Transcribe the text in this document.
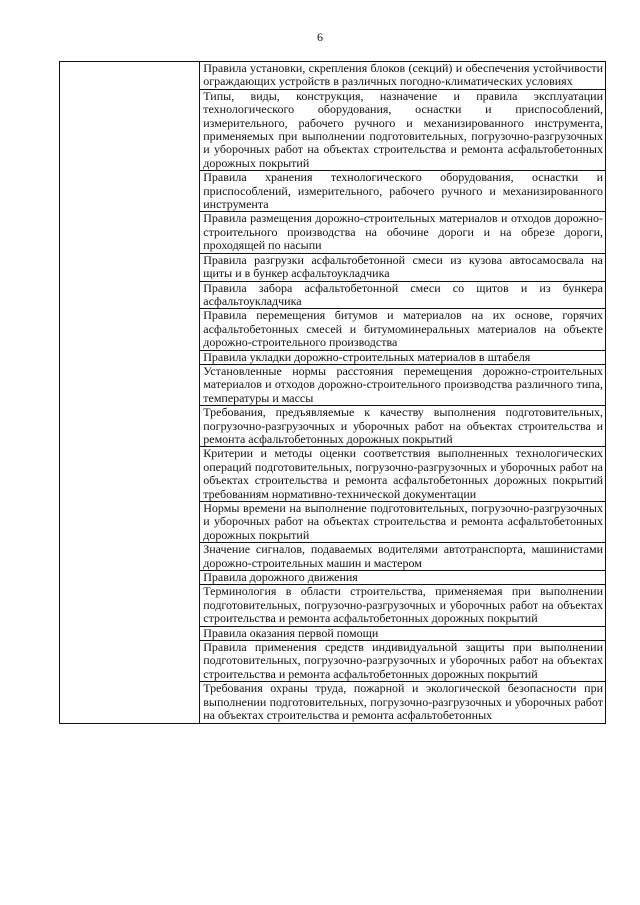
6

Правила установки, скрепления блоков (секций) и обеспечения устойчивости ограждающих устройств в различных погодно-климатических условиях

Типы, виды, конструкция, назначение и правила эксплуатации технологического оборудования, оснастки и приспособлений, измерительного, рабочего ручного и механизированного инструмента, применяемых при выполнении подготовительных, погрузочно-разгрузочных и уборочных работ на объектах строительства и ремонта асфальтобетонных дорожных покрытий

Правила хранения технологического оборудования, оснастки и приспособлений, измерительного, рабочего ручного и механизированного инструмента

Правила размещения дорожно-строительных материалов и отходов дорожно-строительного производства на обочине дороги и на обрезе дороги, проходящей по насыпи

Правила разгрузки асфальтобетонной смеси из кузова автосамосвала на щиты и в бункер асфальтоукладчика

Правила забора асфальтобетонной смеси со щитов и из бункера асфальтоукладчика

Правила перемещения битумов и материалов на их основе, горячих асфальтобетонных смесей и битумоминеральных материалов на объекте дорожно-строительного производства

Правила укладки дорожно-строительных материалов в штабеля

Установленные нормы расстояния перемещения дорожно-строительных материалов и отходов дорожно-строительного производства различного типа, температуры и массы

Требования, предъявляемые к качеству выполнения подготовительных, погрузочно-разгрузочных и уборочных работ на объектах строительства и ремонта асфальтобетонных дорожных покрытий

Критерии и методы оценки соответствия выполненных технологических операций подготовительных, погрузочно-разгрузочных и уборочных работ на объектах строительства и ремонта асфальтобетонных дорожных покрытий требованиям нормативно-технической документации

Нормы времени на выполнение подготовительных, погрузочно-разгрузочных и уборочных работ на объектах строительства и ремонта асфальтобетонных дорожных покрытий

Значение сигналов, подаваемых водителями автотранспорта, машинистами дорожно-строительных машин и мастером

Правила дорожного движения

Терминология в области строительства, применяемая при выполнении подготовительных, погрузочно-разгрузочных и уборочных работ на объектах строительства и ремонта асфальтобетонных дорожных покрытий

Правила оказания первой помощи

Правила применения средств индивидуальной защиты при выполнении подготовительных, погрузочно-разгрузочных и уборочных работ на объектах строительства и ремонта асфальтобетонных дорожных покрытий

Требования охраны труда, пожарной и экологической безопасности при выполнении подготовительных, погрузочно-разгрузочных и уборочных работ на объектах строительства и ремонта асфальтобетонных
